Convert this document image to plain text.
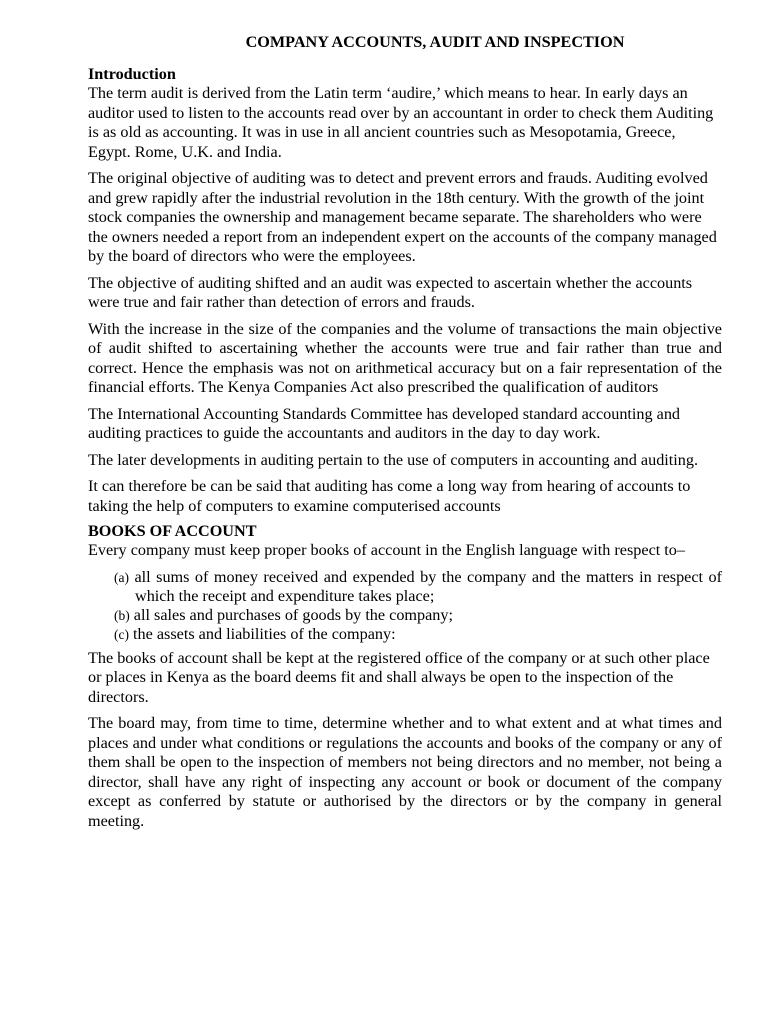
COMPANY ACCOUNTS, AUDIT AND INSPECTION
Introduction

The term audit is derived from the Latin term ‘audire,’ which means to hear. In early days an auditor used to listen to the accounts read over by an accountant in order to check them Auditing is as old as accounting. It was in use in all ancient countries such as Mesopotamia, Greece, Egypt. Rome, U.K. and India.

The original objective of auditing was to detect and prevent errors and frauds. Auditing evolved and grew rapidly after the industrial revolution in the 18th century. With the growth of the joint stock companies the ownership and management became separate. The shareholders who were the owners needed a report from an independent expert on the accounts of the company managed by the board of directors who were the employees.

The objective of auditing shifted and an audit was expected to ascertain whether the accounts were true and fair rather than detection of errors and frauds.

With the increase in the size of the companies and the volume of transactions the main objective of audit shifted to ascertaining whether the accounts were true and fair rather than true and correct. Hence the emphasis was not on arithmetical accuracy but on a fair representation of the financial efforts. The Kenya Companies Act also prescribed the qualification of auditors

The International Accounting Standards Committee has developed standard accounting and auditing practices to guide the accountants and auditors in the day to day work.

The later developments in auditing pertain to the use of computers in accounting and auditing.

It can therefore be can be said that auditing has come a long way from hearing of accounts to taking the help of computers to examine computerised accounts

BOOKS OF ACCOUNT

Every company must keep proper books of account in the English language with respect to–

(a) all sums of money received and expended by the company and the matters in respect of which the receipt and expenditure takes place;
(b) all sales and purchases of goods by the company;
(c) the assets and liabilities of the company:

The books of account shall be kept at the registered office of the company or at such other place or places in Kenya as the board deems fit and shall always be open to the inspection of the directors.

The board may, from time to time, determine whether and to what extent and at what times and places and under what conditions or regulations the accounts and books of the company or any of them shall be open to the inspection of members not being directors and no member, not being a director, shall have any right of inspecting any account or book or document of the company except as conferred by statute or authorised by the directors or by the company in general meeting.
